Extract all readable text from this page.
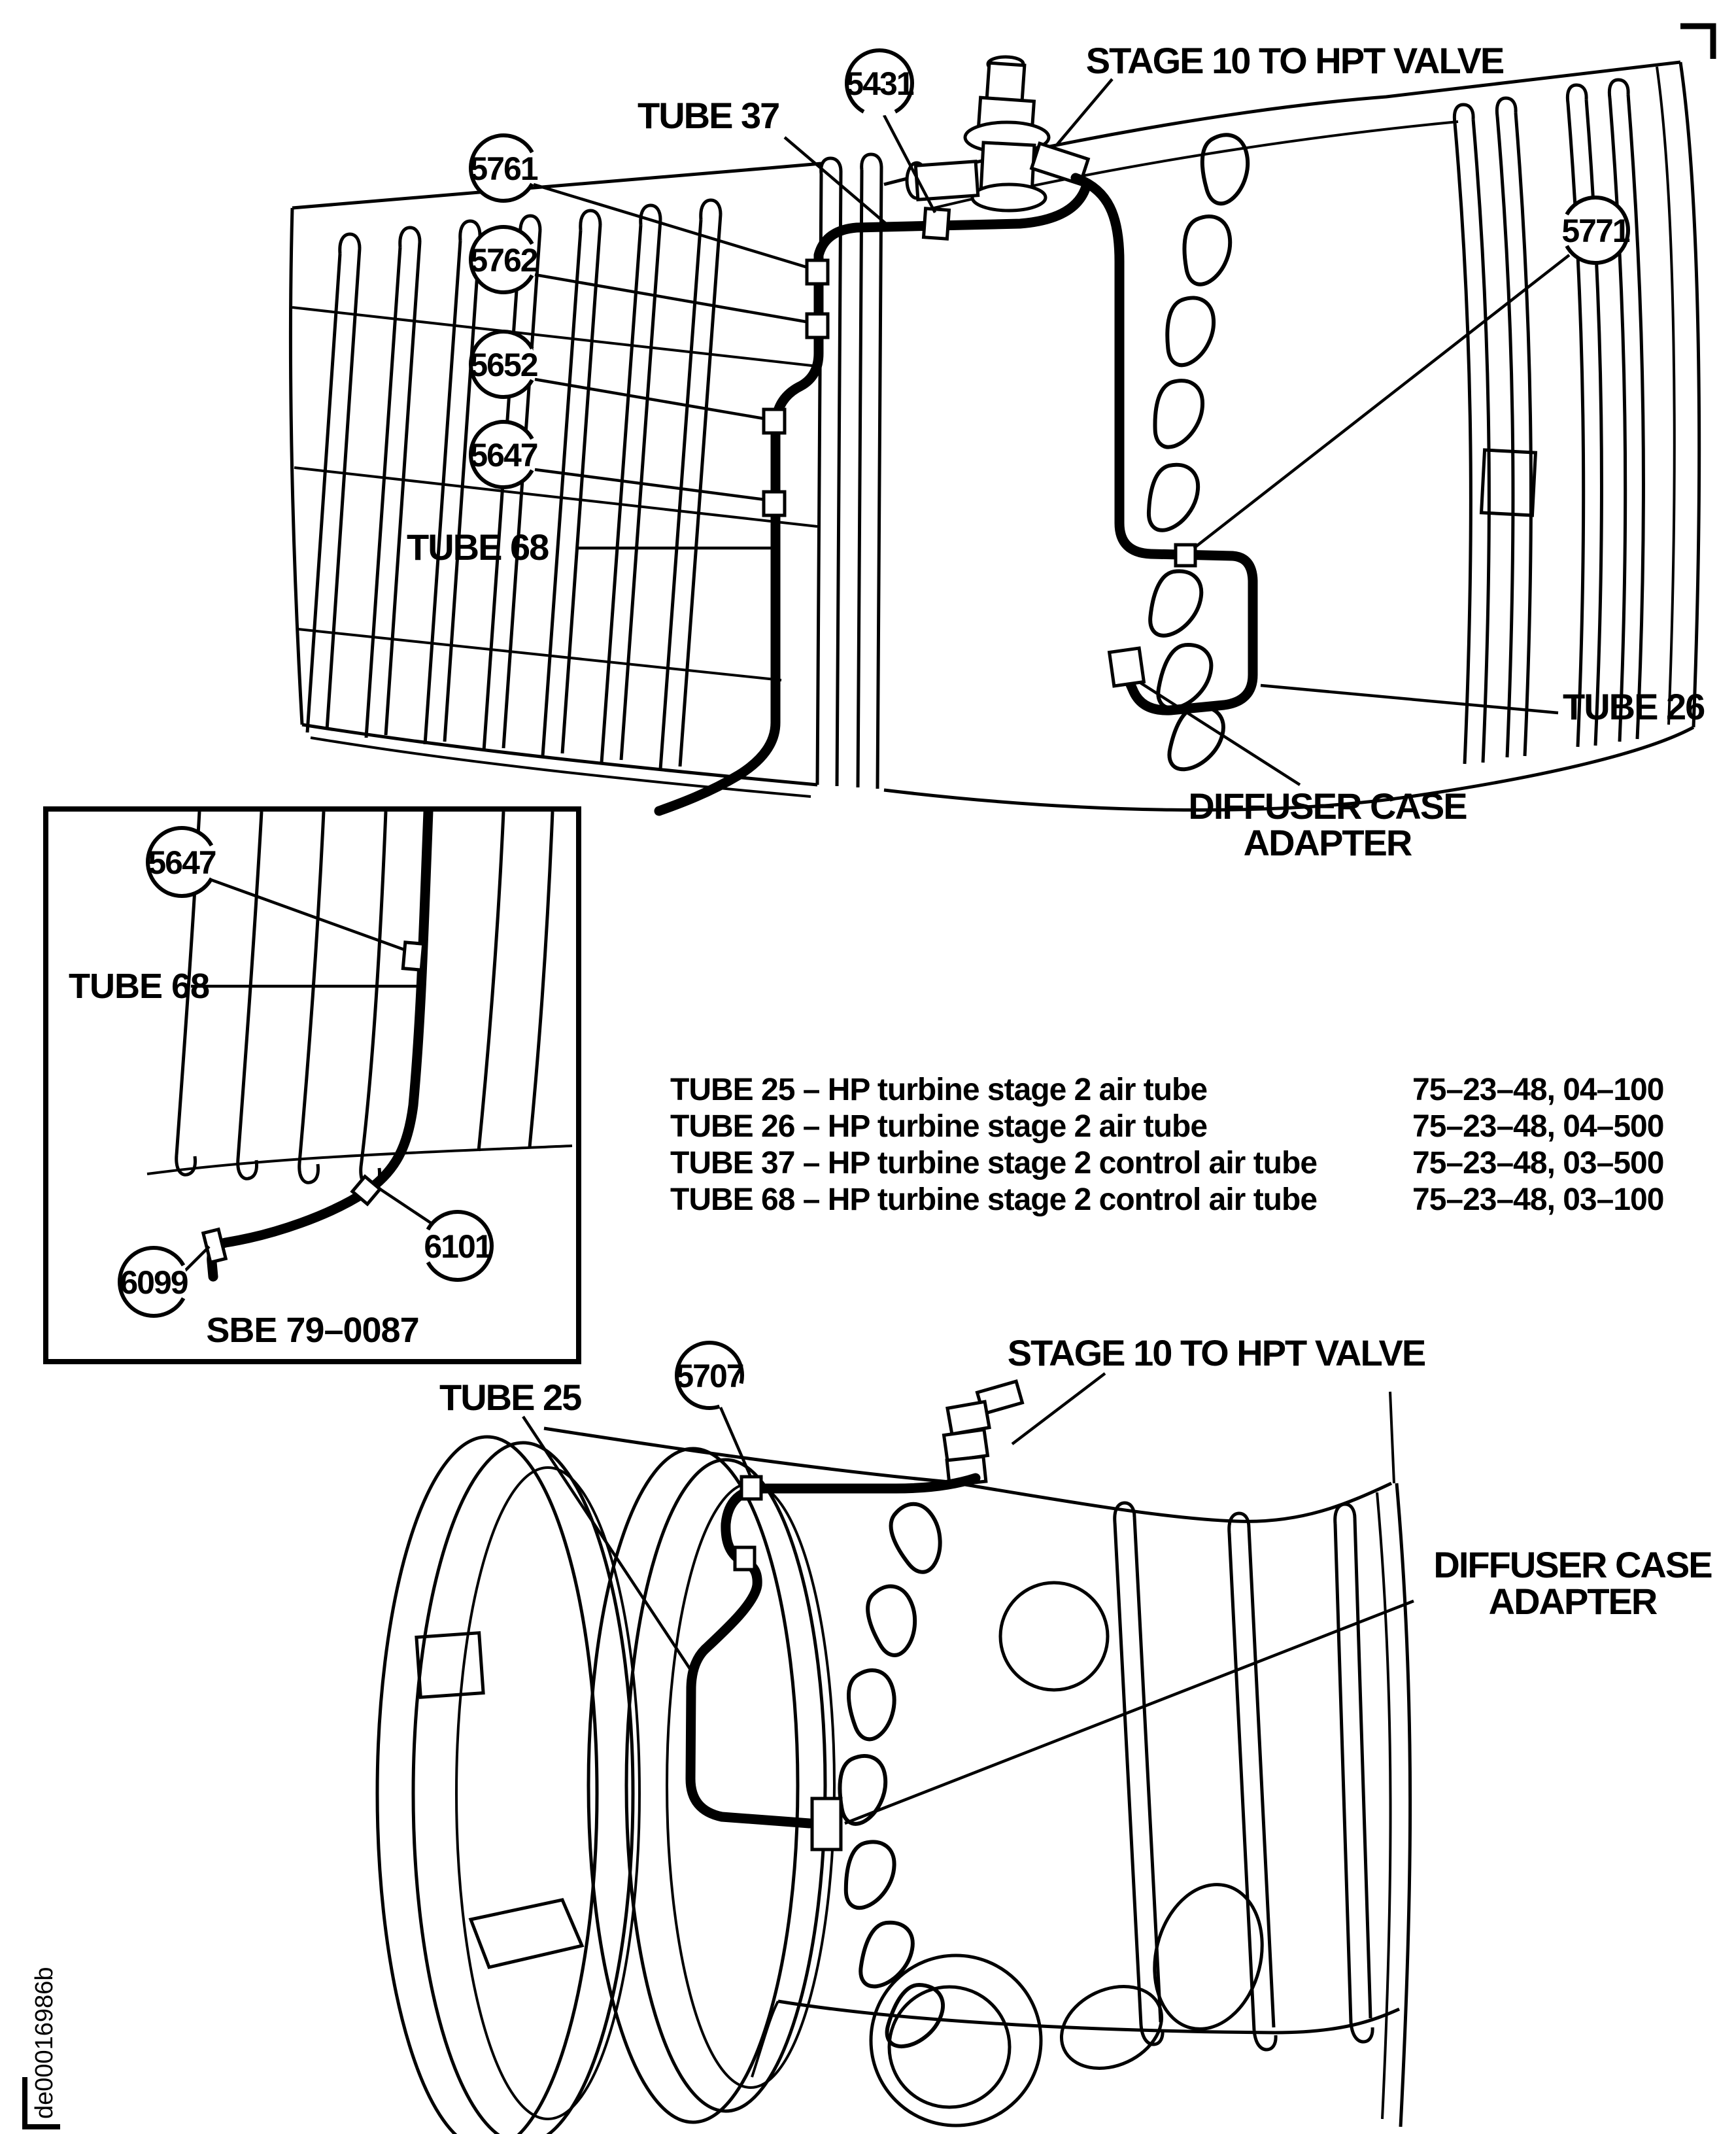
5431
5761
5762
5652
5647
5771
TUBE 37
TUBE 68
STAGE 10 TO HPT VALVE
TUBE 26
DIFFUSER CASE
ADAPTER
5647
6101
6099
TUBE 68
SBE 79–0087
TUBE 25 – HP turbine stage 2 air tube	75–23–48, 04–100
TUBE 26 – HP turbine stage 2 air tube	75–23–48, 04–500
TUBE 37 – HP turbine stage 2 control air tube	75–23–48, 03–500
TUBE 68 – HP turbine stage 2 control air tube	75–23–48, 03–100
5707
TUBE 25
STAGE 10 TO HPT VALVE
DIFFUSER CASE
ADAPTER
de00016986b
